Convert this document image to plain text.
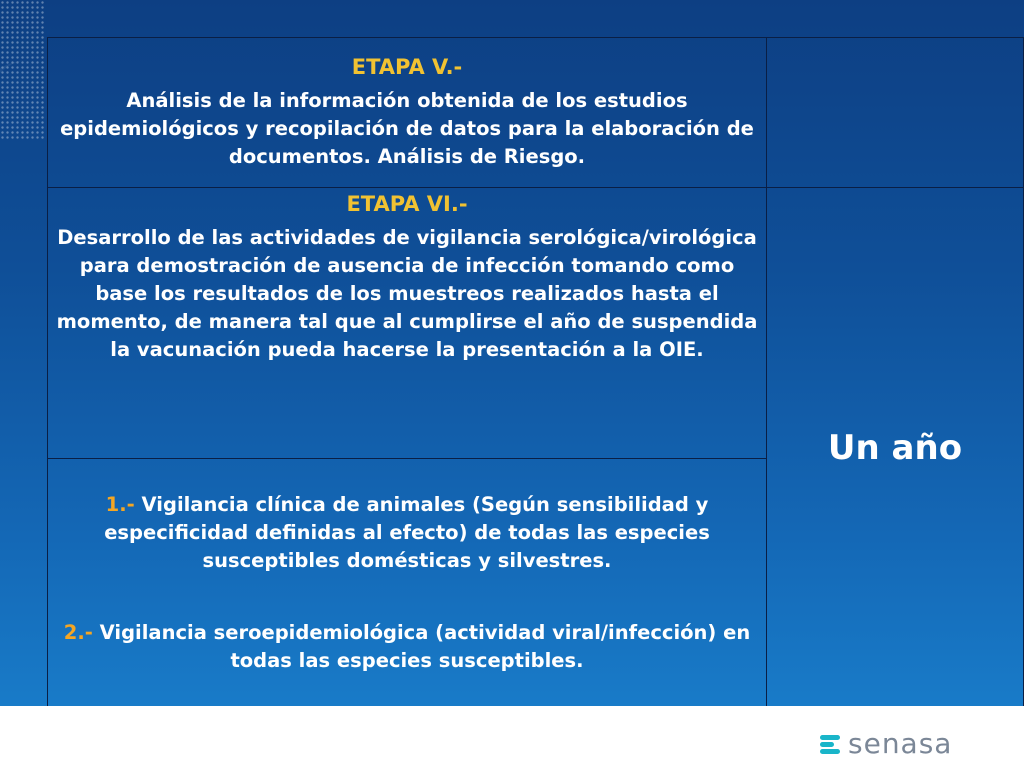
ETAPA V.-
Análisis de la información obtenida de los estudios epidemiológicos y recopilación de datos para la elaboración de documentos. Análisis de Riesgo.	

ETAPA VI.-
Desarrollo de las actividades de vigilancia serológica/virológica para demostración de ausencia de infección tomando como base los resultados de los muestreos realizados hasta el momento, de manera tal que al cumplirse el año de suspendida la vacunación pueda hacerse la presentación a la OIE.	Un año

1.- Vigilancia clínica de animales (Según sensibilidad y especificidad definidas al efecto) de todas las especies susceptibles domésticas y silvestres.
2.- Vigilancia seroepidemiológica (actividad viral/infección) en todas las especies susceptibles.	
senasa
